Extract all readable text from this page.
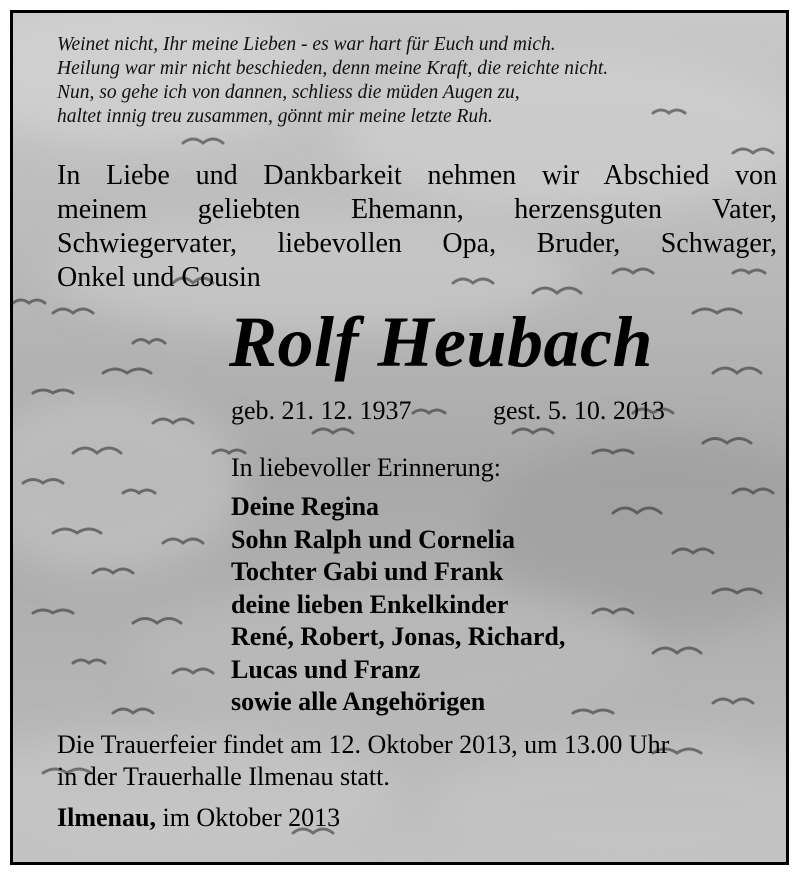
Weinet nicht, Ihr meine Lieben - es war hart für Euch und mich.
Heilung war mir nicht beschieden, denn meine Kraft, die reichte nicht.
Nun, so gehe ich von dannen, schliess die müden Augen zu,
haltet innig treu zusammen, gönnt mir meine letzte Ruh.
In Liebe und Dankbarkeit nehmen wir Abschied von
meinem geliebten Ehemann, herzensguten Vater,
Schwiegervater, liebevollen Opa, Bruder, Schwager,
Onkel und Cousin
Rolf Heubach
geb. 21. 12. 1937	gest. 5. 10. 2013
In liebevoller Erinnerung:
Deine Regina
Sohn Ralph und Cornelia
Tochter Gabi und Frank
deine lieben Enkelkinder
René, Robert, Jonas, Richard,
Lucas und Franz
sowie alle Angehörigen
Die Trauerfeier findet am 12. Oktober 2013, um 13.00 Uhr
in der Trauerhalle Ilmenau statt.
Ilmenau, im Oktober 2013
